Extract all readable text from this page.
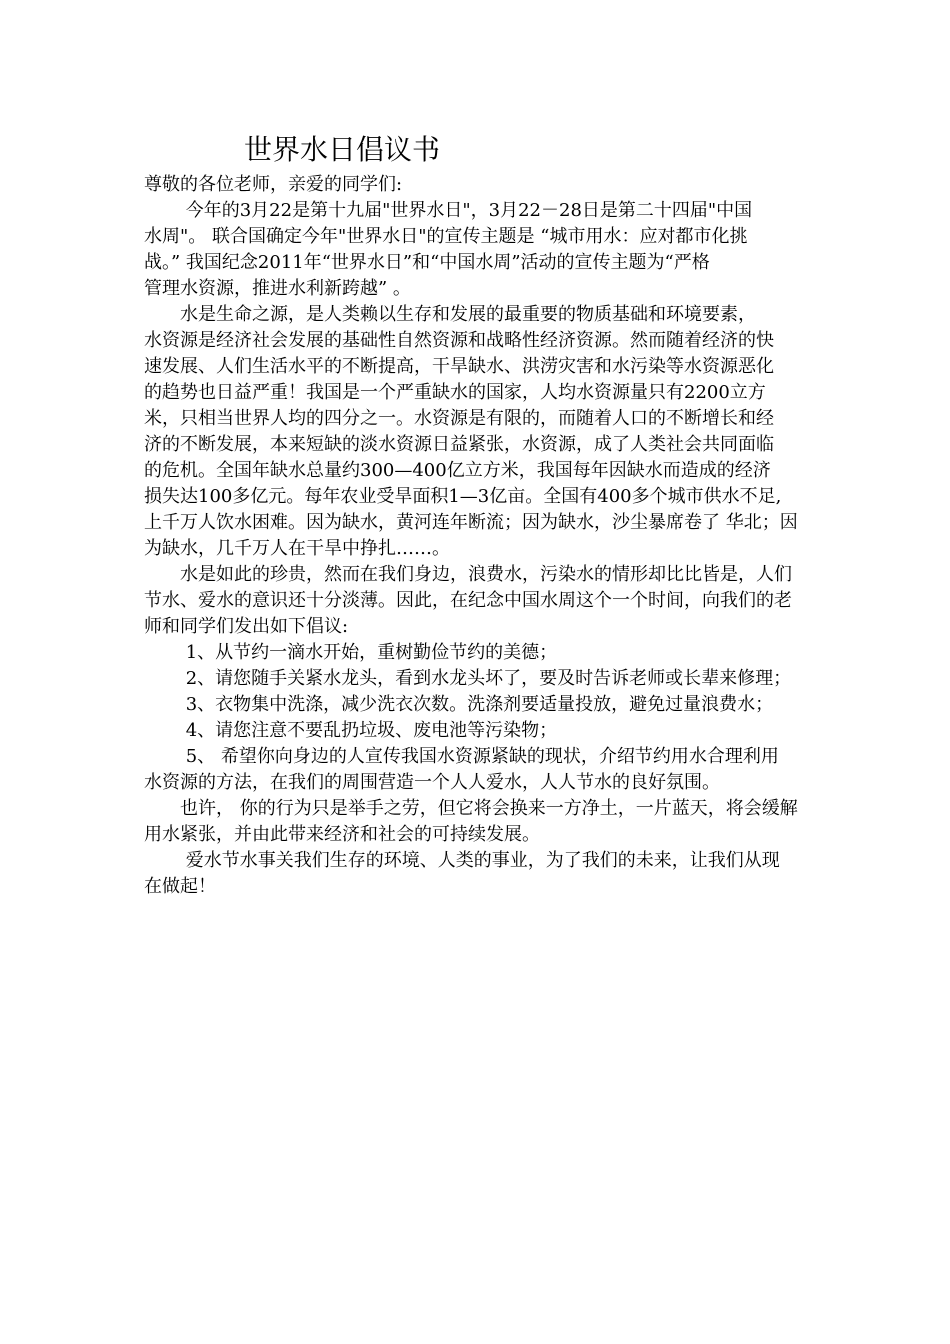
世界水日倡议书
尊敬的各位老师，亲爱的同学们:
　　 今年的3月22是第十九届"世界水日"，3月22－28日是第二十四届"中国
水周"。 联合国确定今年"世界水日"的宣传主题是 “城市用水：应对都市化挑
战。” 我国纪念2011年“世界水日”和“中国水周”活动的宣传主题为“严格
管理水资源，推进水利新跨越” 。
　　水是生命之源，是人类赖以生存和发展的最重要的物质基础和环境要素，
水资源是经济社会发展的基础性自然资源和战略性经济资源。然而随着经济的快
速发展、人们生活水平的不断提高，干旱缺水、洪涝灾害和水污染等水资源恶化
的趋势也日益严重！我国是一个严重缺水的国家，人均水资源量只有2200立方
米，只相当世界人均的四分之一。水资源是有限的，而随着人口的不断增长和经
济的不断发展，本来短缺的淡水资源日益紧张，水资源，成了人类社会共同面临
的危机。全国年缺水总量约300—400亿立方米，我国每年因缺水而造成的经济
损失达100多亿元。每年农业受旱面积1—3亿亩。全国有400多个城市供水不足,
上千万人饮水困难。因为缺水，黄河连年断流；因为缺水，沙尘暴席卷了 华北；因
为缺水，几千万人在干旱中挣扎……。
　　水是如此的珍贵，然而在我们身边，浪费水，污染水的情形却比比皆是，人们
节水、爱水的意识还十分淡薄。因此，在纪念中国水周这个一个时间，向我们的老
师和同学们发出如下倡议:
　　 1、从节约一滴水开始，重树勤俭节约的美德；
　　 2、请您随手关紧水龙头，看到水龙头坏了，要及时告诉老师或长辈来修理；
　　 3、衣物集中洗涤，减少洗衣次数。洗涤剂要适量投放，避免过量浪费水；
　　 4、请您注意不要乱扔垃圾、废电池等污染物；
　　 5、 希望你向身边的人宣传我国水资源紧缺的现状，介绍节约用水合理利用
水资源的方法，在我们的周围营造一个人人爱水，人人节水的良好氛围。
　　也许， 你的行为只是举手之劳，但它将会换来一方净土，一片蓝天，将会缓解
用水紧张，并由此带来经济和社会的可持续发展。
　　 爱水节水事关我们生存的环境、人类的事业，为了我们的未来，让我们从现
在做起！
